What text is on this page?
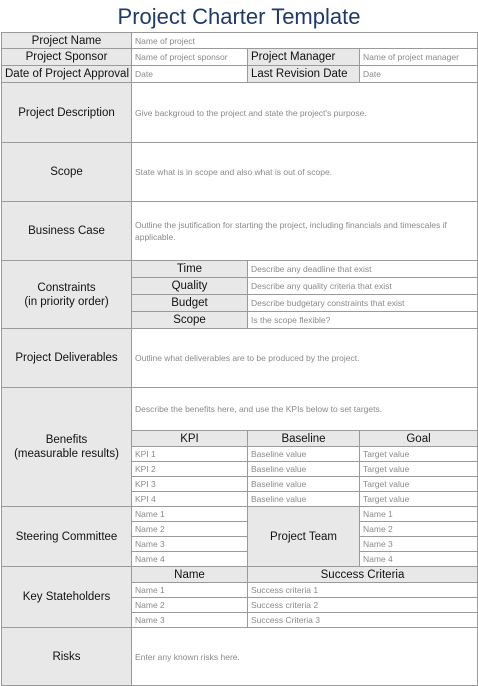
Project Charter Template
Project Name	Name of project		
Project Sponsor	Name of project sponsor	Project Manager	Name of project manager
Date of Project Approval	Date	Last Revision Date	Date
Project Description	Give backgroud to the project and state the project's purpose.		
Scope	State what is in scope and also what is out of scope.		
Business Case	Outline the jsutification for starting the project, including financials and timescales if applicable.		

Constraints
(in priority order)	Time	Describe any deadline that exist	
	Quality	Describe any quality criteria that exist	
	Budget	Describe budgetary constraints that exist	
	Scope	Is the scope flexible?	
Project Deliverables	Outline what deliverables are to be produced by the project.		

Benefits
(measurable results)	Describe the benefits here, and use the KPIs below to set targets.		
	KPI	Baseline	Goal
	KPI 1	Baseline value	Target value
	KPI 2	Baseline value	Target value
	KPI 3	Baseline value	Target value
	KPI 4	Baseline value	Target value
Steering Committee	Name 1	Project Team	Name 1
	Name 2		Name 2
	Name 3		Name 3
	Name 4		Name 4
Key Stateholders	Name	Success Criteria	
	Name 1	Success criteria 1	
	Name 2	Success criteria 2	
	Name 3	Success Criteria 3	
Risks	Enter any known risks here.		
